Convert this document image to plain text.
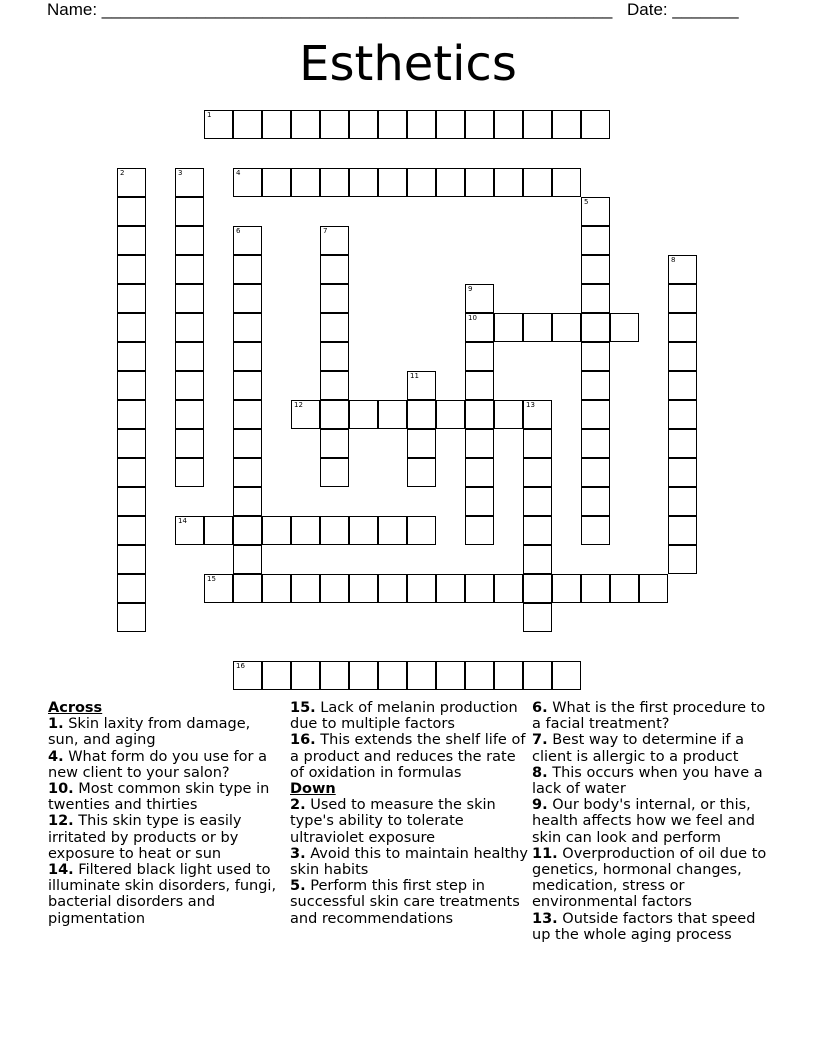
Name: ______________________________________________________ Date: _______
Esthetics
1
2	3	4
5
6	7
8
9
10
11
12	13
14
15
16
Across
1. Skin laxity from damage, sun, and aging
4. What form do you use for a new client to your salon?
10. Most common skin type in twenties and thirties
12. This skin type is easily irritated by products or by exposure to heat or sun
14. Filtered black light used to illuminate skin disorders, fungi, bacterial disorders and pigmentation
15. Lack of melanin production due to multiple factors
16. This extends the shelf life of a product and reduces the rate of oxidation in formulas
Down
2. Used to measure the skin type's ability to tolerate ultraviolet exposure
3. Avoid this to maintain healthy skin habits
5. Perform this first step in successful skin care treatments and recommendations
6. What is the first procedure to a facial treatment?
7. Best way to determine if a client is allergic to a product
8. This occurs when you have a lack of water
9. Our body's internal, or this, health affects how we feel and skin can look and perform
11. Overproduction of oil due to genetics, hormonal changes, medication, stress or environmental factors
13. Outside factors that speed up the whole aging process
